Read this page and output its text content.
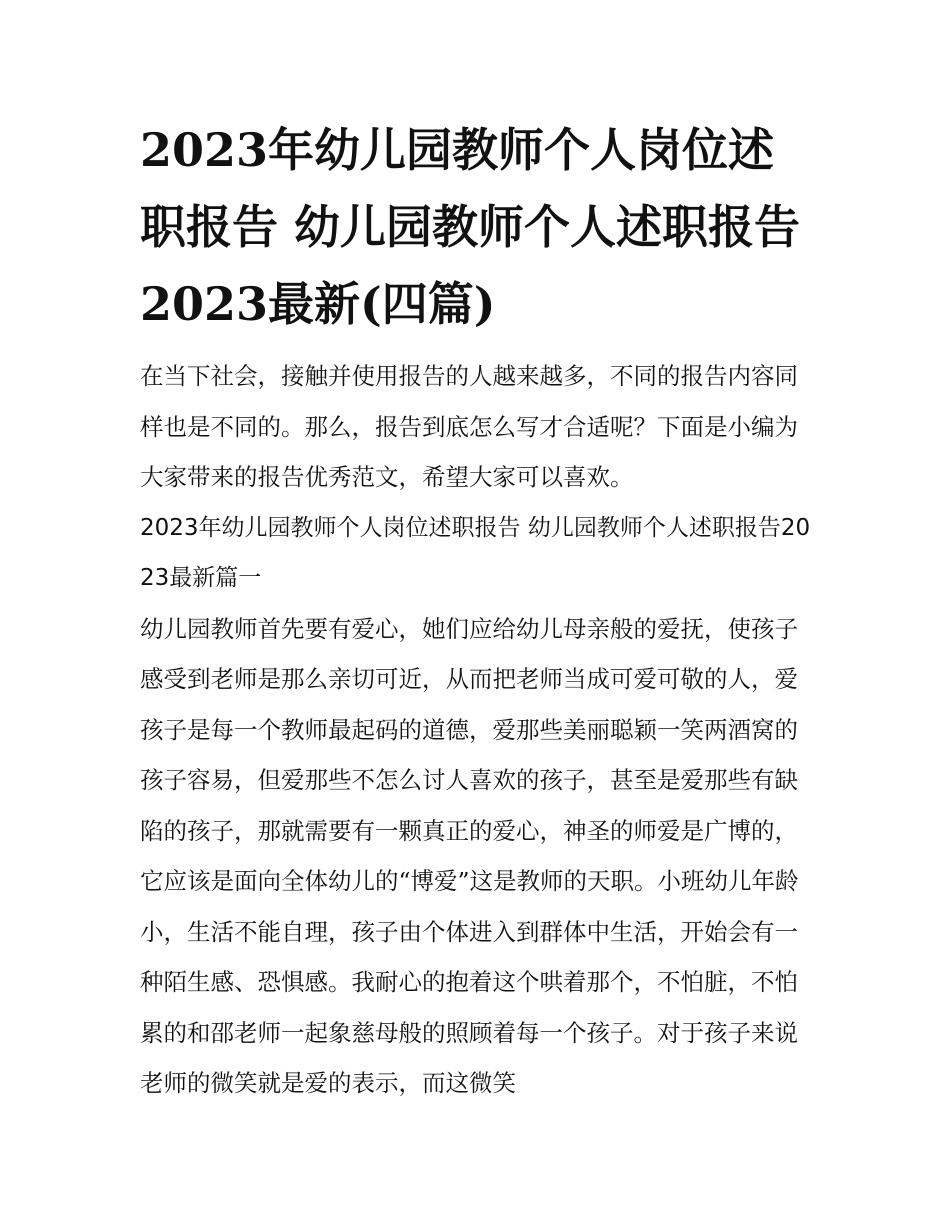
2023年幼儿园教师个人岗位述职报告 幼儿园教师个人述职报告2023最新(四篇)

在当下社会，接触并使用报告的人越来越多，不同的报告内容同样也是不同的。那么，报告到底怎么写才合适呢？下面是小编为大家带来的报告优秀范文，希望大家可以喜欢。

2023年幼儿园教师个人岗位述职报告 幼儿园教师个人述职报告2023最新篇一

幼儿园教师首先要有爱心，她们应给幼儿母亲般的爱抚，使孩子感受到老师是那么亲切可近，从而把老师当成可爱可敬的人，爱孩子是每一个教师最起码的道德，爱那些美丽聪颖一笑两酒窝的孩子容易，但爱那些不怎么讨人喜欢的孩子，甚至是爱那些有缺陷的孩子，那就需要有一颗真正的爱心，神圣的师爱是广博的，它应该是面向全体幼儿的“博爱”这是教师的天职。小班幼儿年龄小，生活不能自理，孩子由个体进入到群体中生活，开始会有一种陌生感、恐惧感。我耐心的抱着这个哄着那个，不怕脏，不怕累的和邵老师一起象慈母般的照顾着每一个孩子。对于孩子来说老师的微笑就是爱的表示，而这微笑
